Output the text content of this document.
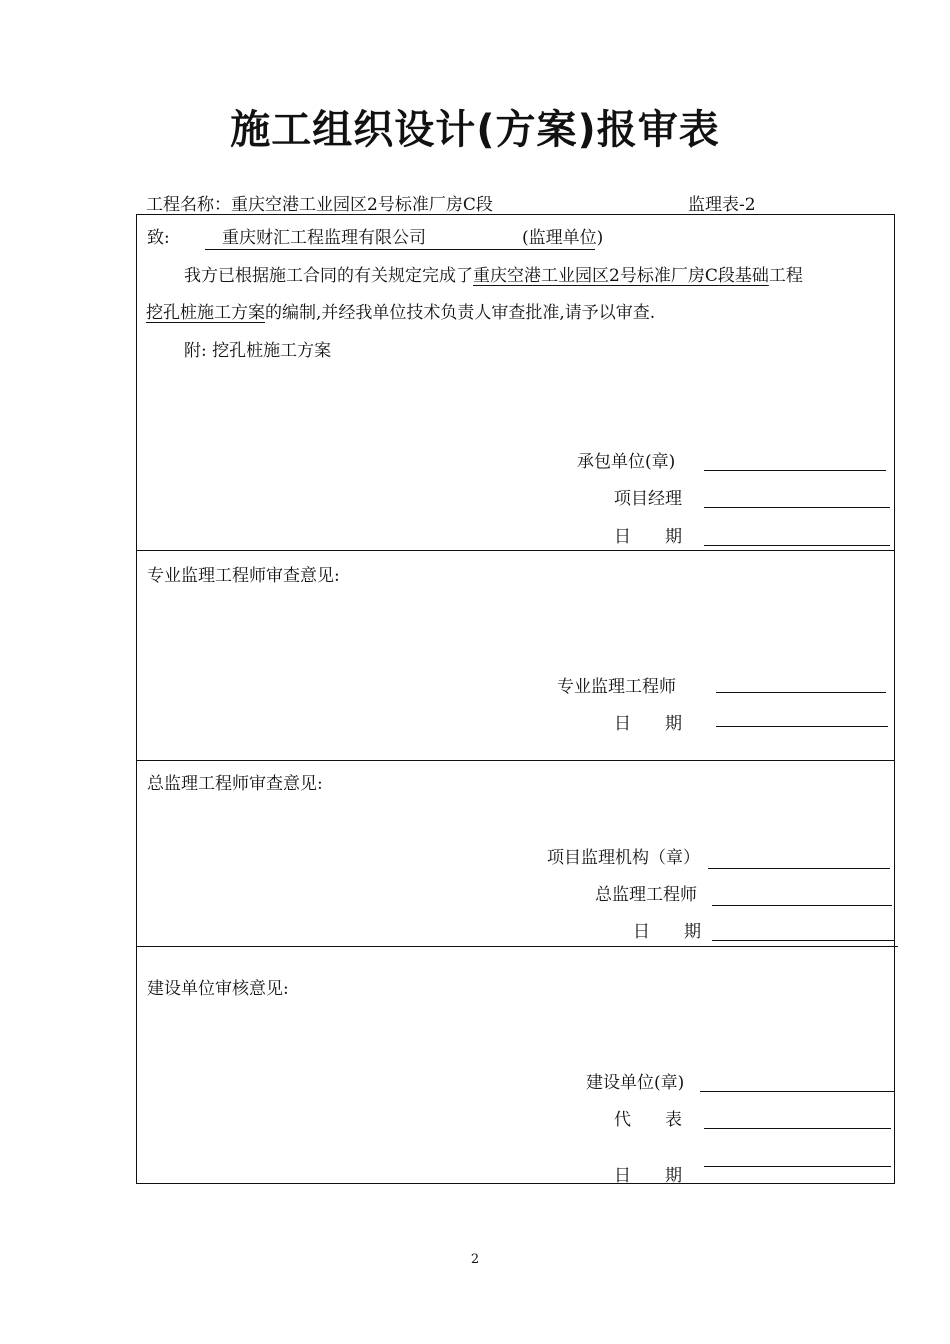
施工组织设计(方案)报审表
工程名称：重庆空港工业园区2号标准厂房C段	监理表-2
致:	重庆财汇工程监理有限公司	(监理单位)
我方已根据施工合同的有关规定完成了重庆空港工业园区2号标准厂房C段基础工程
挖孔桩施工方案的编制,并经我单位技术负责人审查批准,请予以审查.
附: 挖孔桩施工方案
承包单位(章)
项目经理
日　　期
专业监理工程师审查意见:
专业监理工程师
日　　期
总监理工程师审查意见:
项目监理机构（章）
总监理工程师
日　　期
建设单位审核意见:
建设单位(章)
代　　表
日　　期
2
